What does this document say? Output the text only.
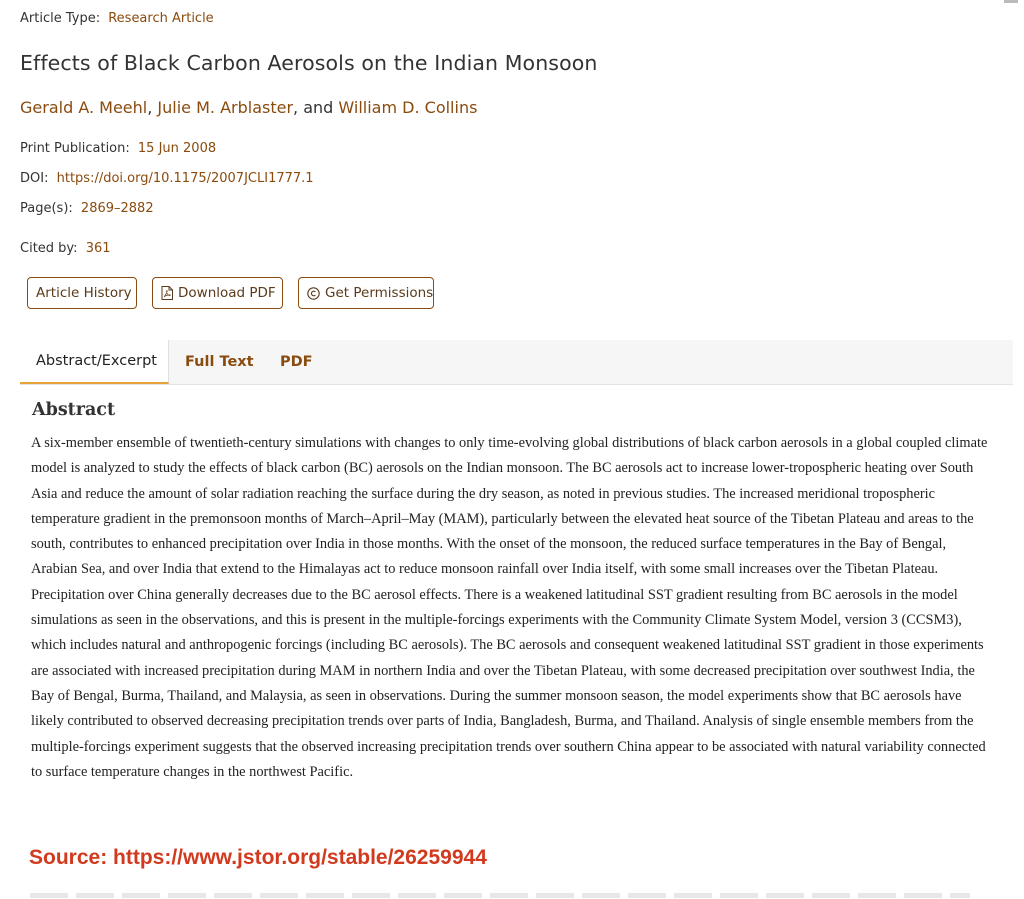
Article Type: Research Article
Effects of Black Carbon Aerosols on the Indian Monsoon
Gerald A. Meehl, Julie M. Arblaster, and William D. Collins
Print Publication: 15 Jun 2008
DOI: https://doi.org/10.1175/2007JCLI1777.1
Page(s): 2869–2882
Cited by: 361
Article History	Download PDF	Get Permissions
Abstract/Excerpt	Full Text	PDF
Abstract

A six-member ensemble of twentieth-century simulations with changes to only time-evolving global distributions of black carbon aerosols in a global coupled climate model is analyzed to study the effects of black carbon (BC) aerosols on the Indian monsoon. The BC aerosols act to increase lower-tropospheric heating over South Asia and reduce the amount of solar radiation reaching the surface during the dry season, as noted in previous studies. The increased meridional tropospheric temperature gradient in the premonsoon months of March–April–May (MAM), particularly between the elevated heat source of the Tibetan Plateau and areas to the south, contributes to enhanced precipitation over India in those months. With the onset of the monsoon, the reduced surface temperatures in the Bay of Bengal, Arabian Sea, and over India that extend to the Himalayas act to reduce monsoon rainfall over India itself, with some small increases over the Tibetan Plateau. Precipitation over China generally decreases due to the BC aerosol effects. There is a weakened latitudinal SST gradient resulting from BC aerosols in the model simulations as seen in the observations, and this is present in the multiple-forcings experiments with the Community Climate System Model, version 3 (CCSM3), which includes natural and anthropogenic forcings (including BC aerosols). The BC aerosols and consequent weakened latitudinal SST gradient in those experiments are associated with increased precipitation during MAM in northern India and over the Tibetan Plateau, with some decreased precipitation over southwest India, the Bay of Bengal, Burma, Thailand, and Malaysia, as seen in observations. During the summer monsoon season, the model experiments show that BC aerosols have likely contributed to observed decreasing precipitation trends over parts of India, Bangladesh, Burma, and Thailand. Analysis of single ensemble members from the multiple-forcings experiment suggests that the observed increasing precipitation trends over southern China appear to be associated with natural variability connected to surface temperature changes in the northwest Pacific.

Source: https://www.jstor.org/stable/26259944
